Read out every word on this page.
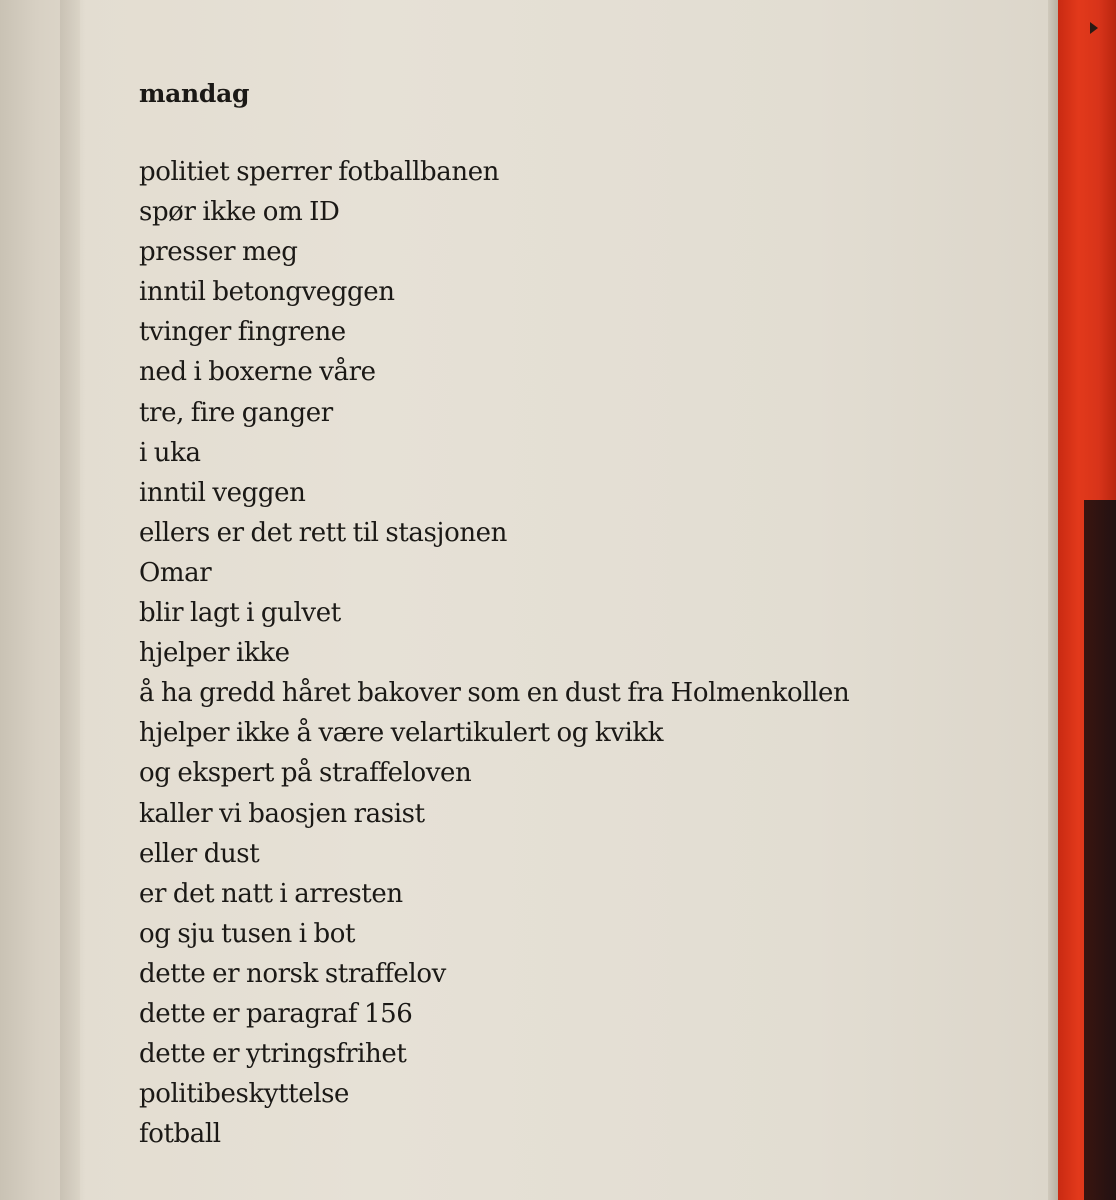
mandag
politiet sperrer fotballbanen
spør ikke om ID
presser meg
inntil betongveggen
tvinger fingrene
ned i boxerne våre
tre, fire ganger
i uka
inntil veggen
ellers er det rett til stasjonen
Omar
blir lagt i gulvet
hjelper ikke
å ha gredd håret bakover som en dust fra Holmenkollen
hjelper ikke å være velartikulert og kvikk
og ekspert på straffeloven
kaller vi baosjen rasist
eller dust
er det natt i arresten
og sju tusen i bot
dette er norsk straffelov
dette er paragraf 156
dette er ytringsfrihet
politibeskyttelse
fotball
